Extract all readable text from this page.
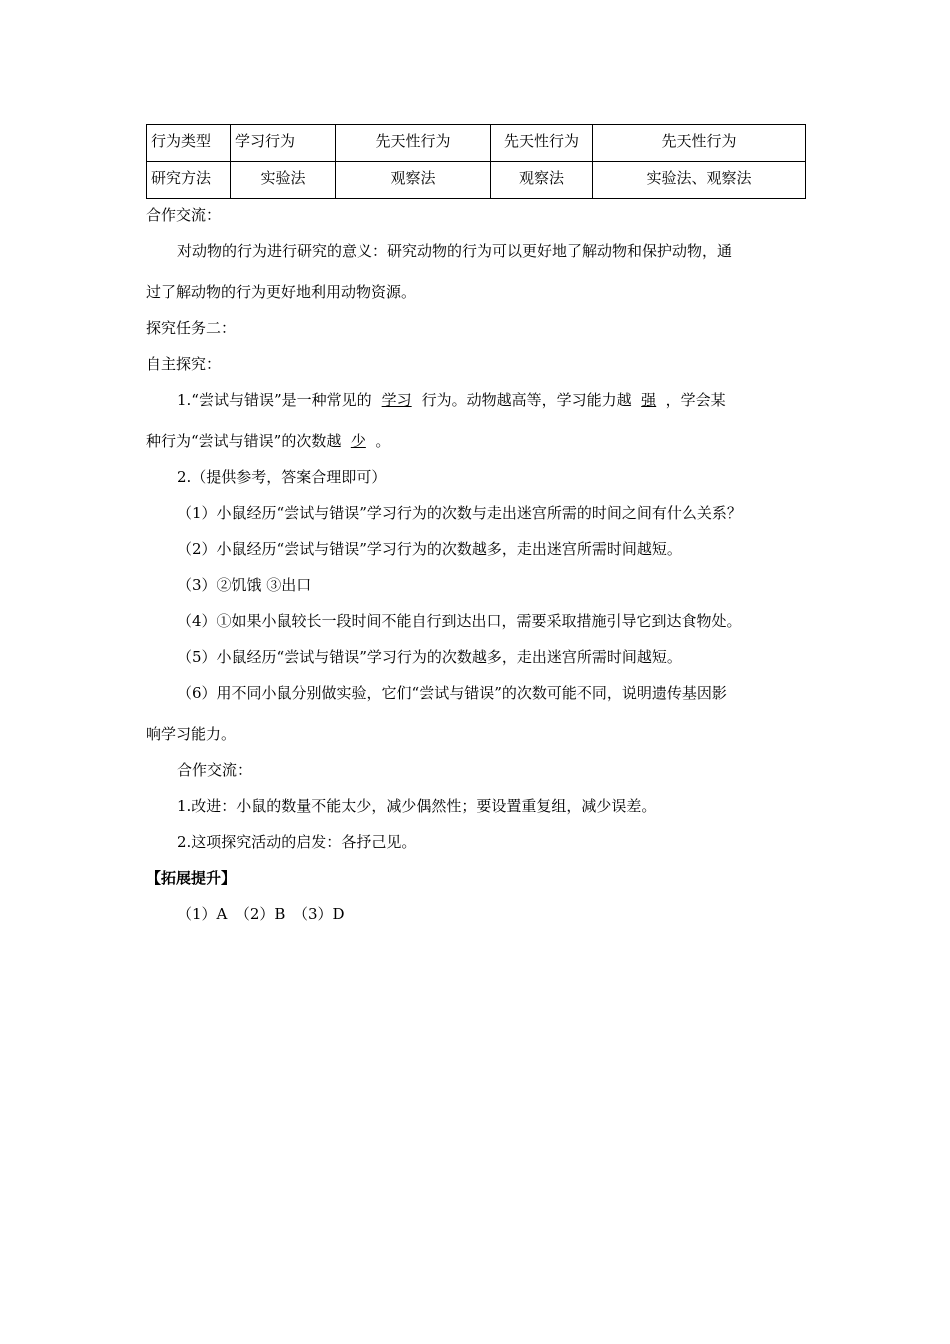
行为类型	学习行为	先天性行为	先天性行为	先天性行为
研究方法	实验法	观察法	观察法	实验法、观察法
合作交流：
对动物的行为进行研究的意义：研究动物的行为可以更好地了解动物和保护动物，通
过了解动物的行为更好地利用动物资源。
探究任务二：
自主探究：
1.“尝试与错误”是一种常见的 学习 行为。动物越高等，学习能力越 强 ，学会某
种行为“尝试与错误”的次数越 少 。
2.（提供参考，答案合理即可）
（1）小鼠经历“尝试与错误”学习行为的次数与走出迷宫所需的时间之间有什么关系？
（2）小鼠经历“尝试与错误”学习行为的次数越多，走出迷宫所需时间越短。
（3）②饥饿 ③出口
（4）①如果小鼠较长一段时间不能自行到达出口，需要采取措施引导它到达食物处。
（5）小鼠经历“尝试与错误”学习行为的次数越多，走出迷宫所需时间越短。
（6）用不同小鼠分别做实验，它们“尝试与错误”的次数可能不同，说明遗传基因影
响学习能力。
合作交流：
1.改进：小鼠的数量不能太少，减少偶然性；要设置重复组，减少误差。
2.这项探究活动的启发：各抒己见。
【拓展提升】
（1）A　（2）B　（3）D
